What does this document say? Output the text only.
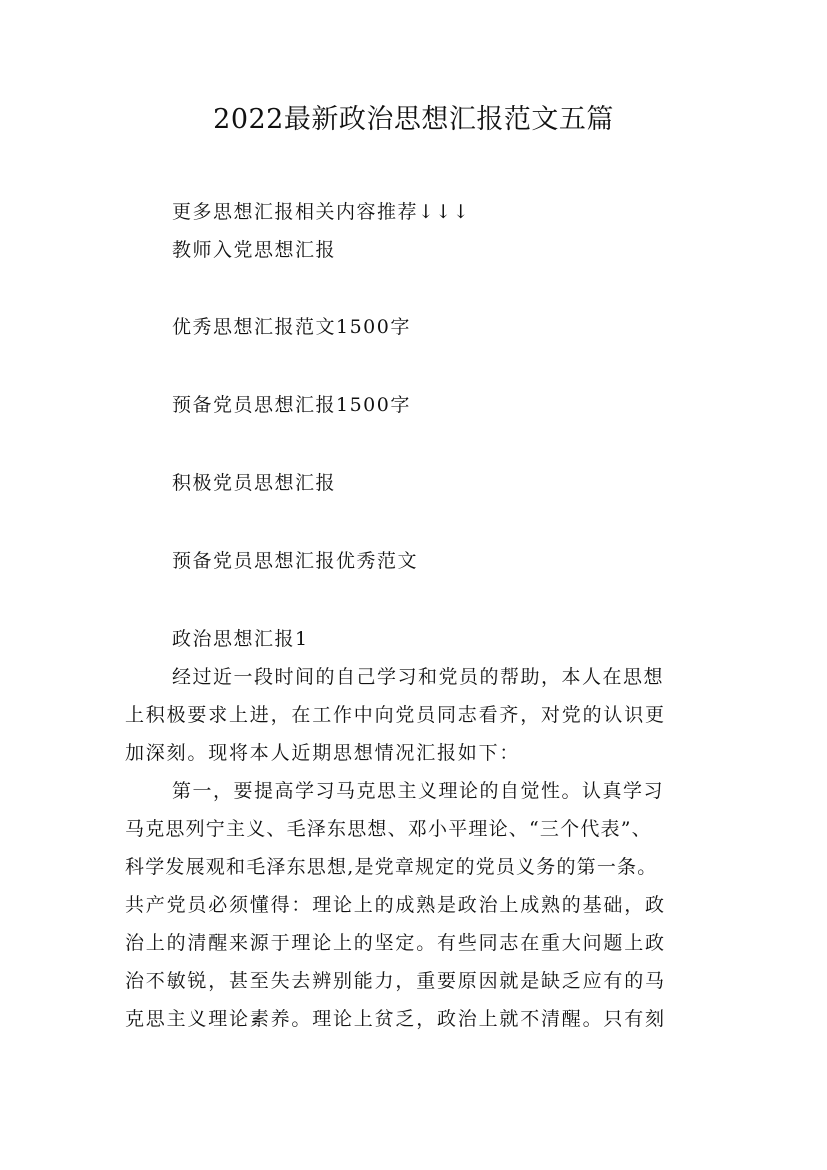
2022最新政治思想汇报范文五篇

更多思想汇报相关内容推荐↓↓↓

教师入党思想汇报

优秀思想汇报范文1500字

预备党员思想汇报1500字

积极党员思想汇报

预备党员思想汇报优秀范文

政治思想汇报1

经过近一段时间的自己学习和党员的帮助，本人在思想

上积极要求上进，在工作中向党员同志看齐，对党的认识更

加深刻。现将本人近期思想情况汇报如下：

第一，要提高学习马克思主义理论的自觉性。认真学习

马克思列宁主义、毛泽东思想、邓小平理论、“三个代表”、

科学发展观和毛泽东思想,是党章规定的党员义务的第一条。

共产党员必须懂得：理论上的成熟是政治上成熟的基础，政

治上的清醒来源于理论上的坚定。有些同志在重大问题上政

治不敏锐，甚至失去辨别能力，重要原因就是缺乏应有的马

克思主义理论素养。理论上贫乏，政治上就不清醒。只有刻
